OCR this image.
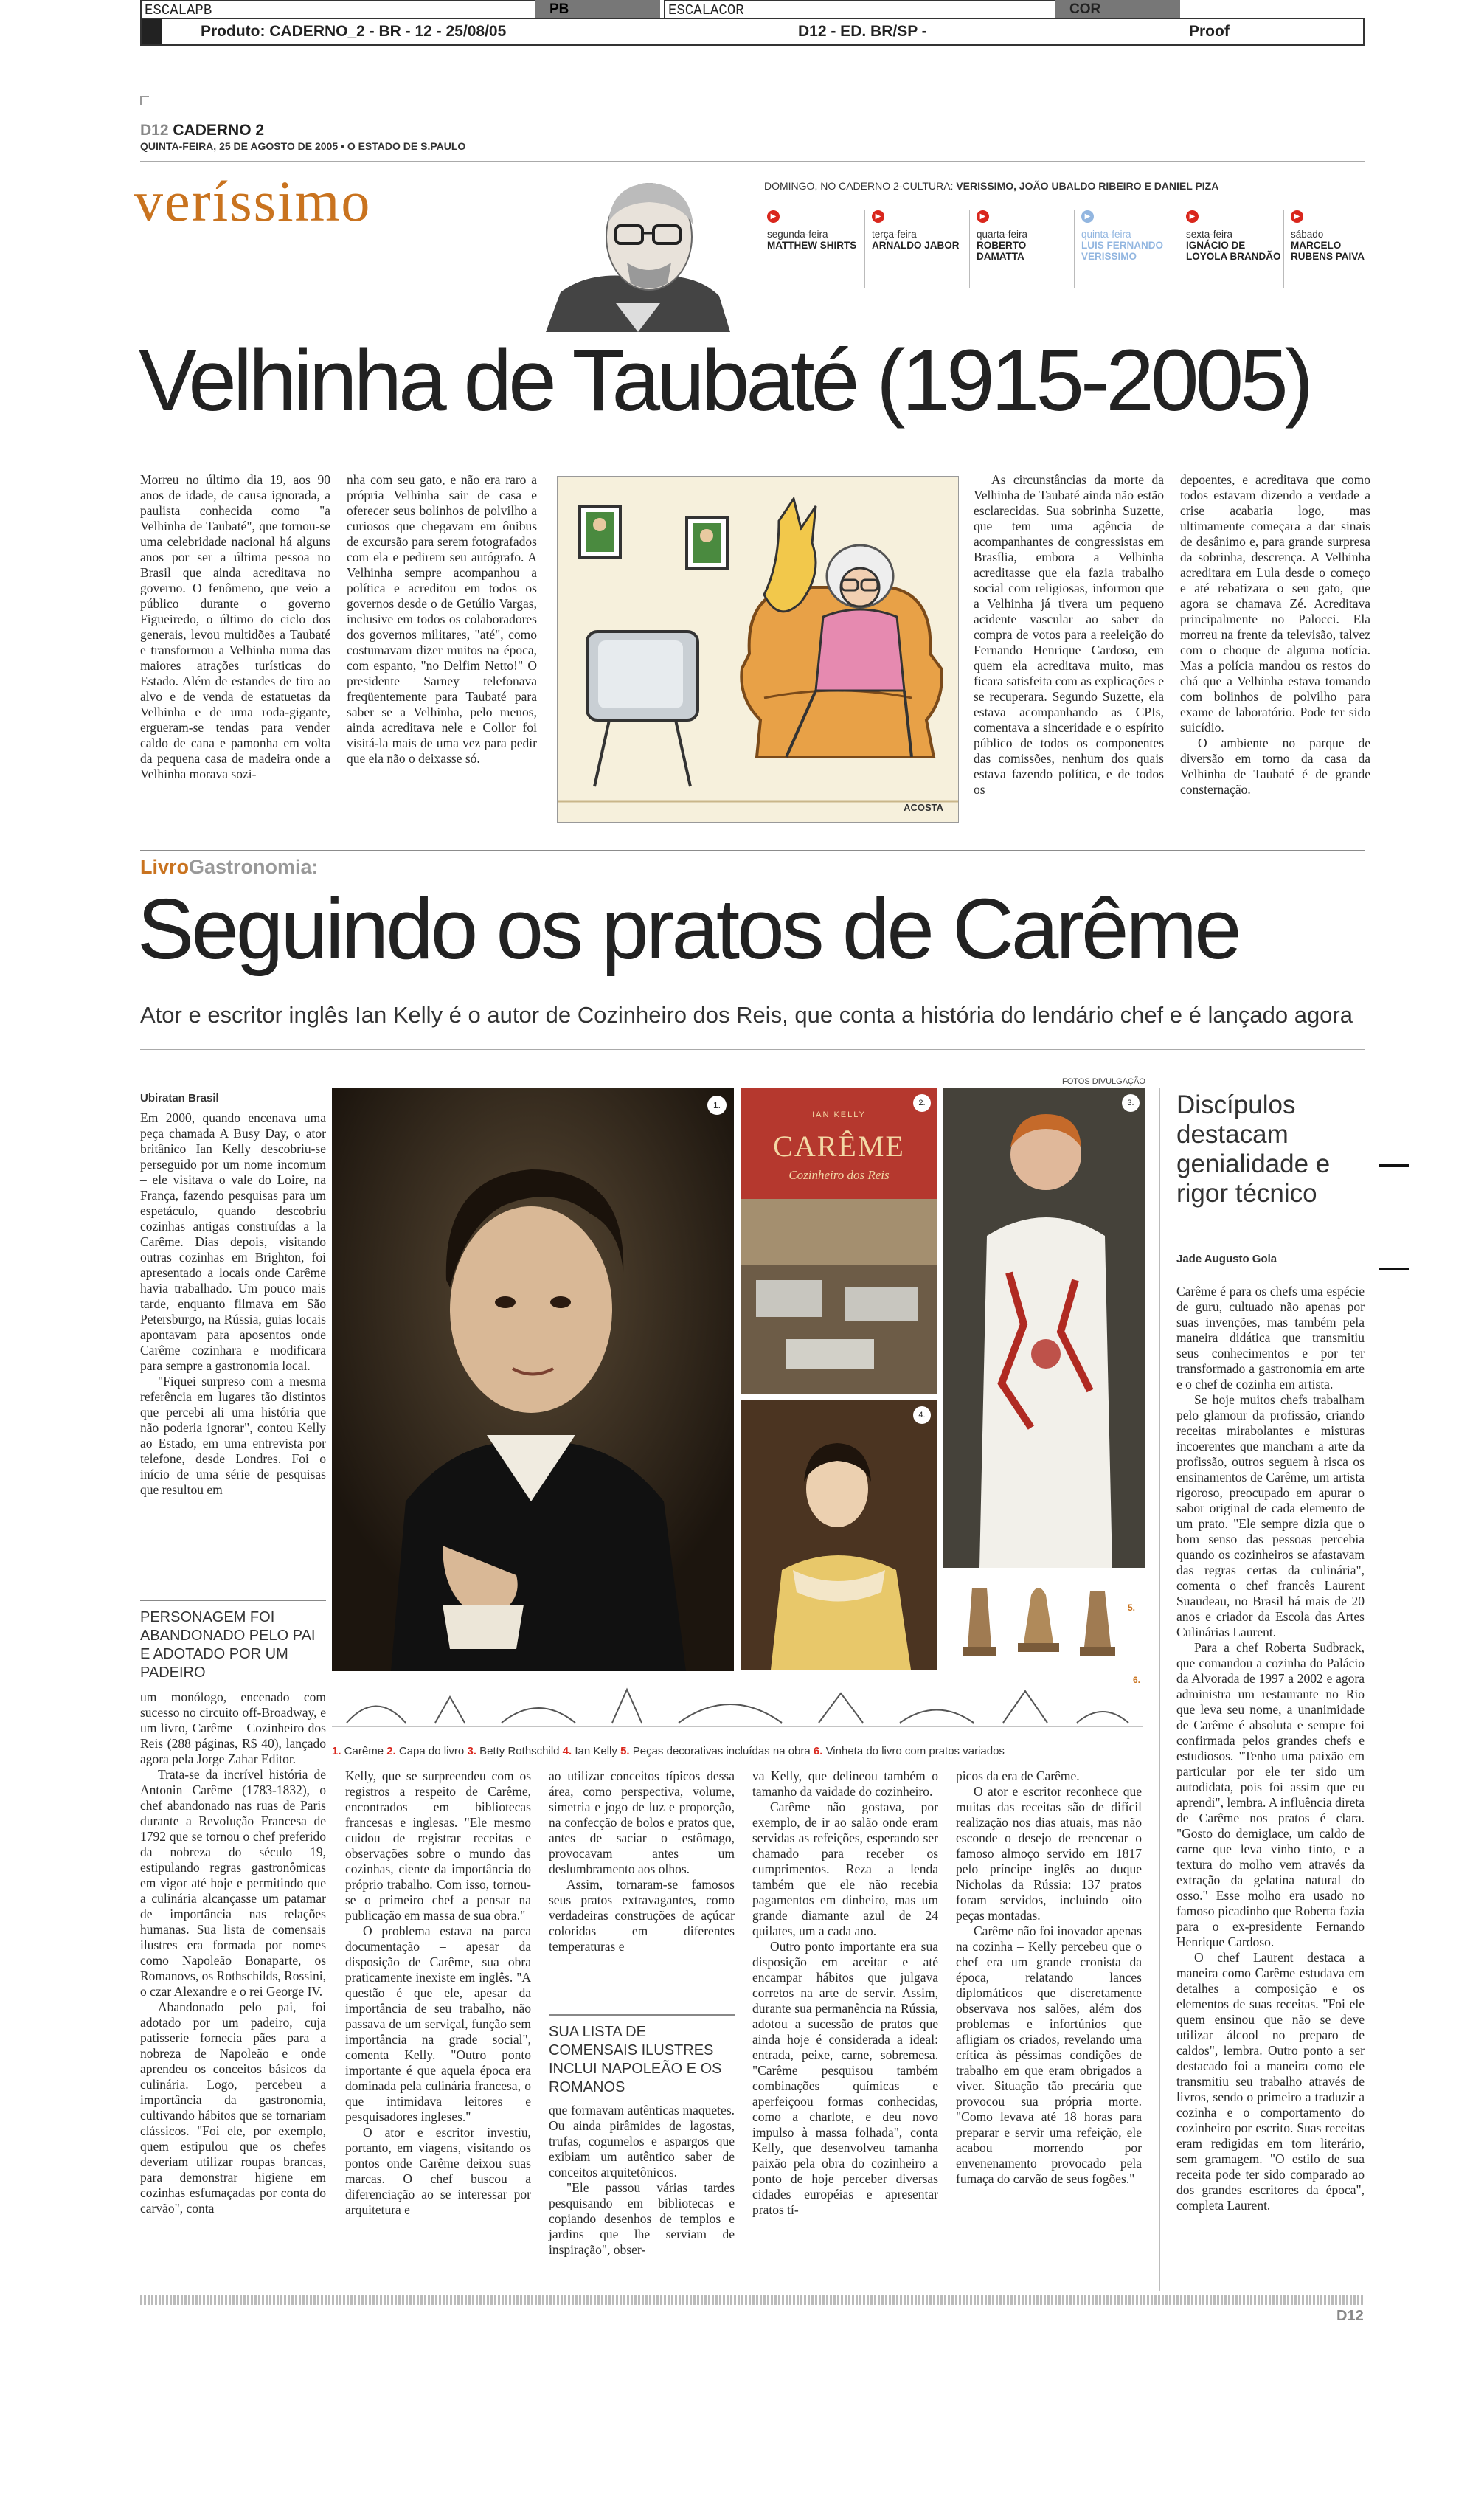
ESCALAPB	PB	ESCALACOR	COR
Produto: CADERNO_2 - BR - 12 - 25/08/05	D12 - ED. BR/SP -	Proof
D12 CADERNO 2
QUINTA-FEIRA, 25 DE AGOSTO DE 2005 • O ESTADO DE S.PAULO
veríssimo	DOMINGO, NO CADERNO 2-CULTURA: VERISSIMO, JOÃO UBALDO RIBEIRO E DANIEL PIZA
▶
segunda-feira
MATTHEW SHIRTS
▶
terça-feira
ARNALDO JABOR
▶
quarta-feira
ROBERTO DAMATTA
▶
quinta-feira
LUIS FERNANDO VERISSIMO
▶
sexta-feira
IGNÁCIO DE LOYOLA BRANDÃO
▶
sábado
MARCELO RUBENS PAIVA
Velhinha de Taubaté (1915-2005)

Morreu no último dia 19, aos 90 anos de idade, de causa ignorada, a paulista conhecida como "a Velhinha de Taubaté", que tornou-se uma celebridade nacional há alguns anos por ser a última pessoa no Brasil que ainda acreditava no governo. O fenômeno, que veio a público durante o governo Figueiredo, o último do ciclo dos generais, levou multidões a Taubaté e transformou a Velhinha numa das maiores atrações turísticas do Estado. Além de estandes de tiro ao alvo e de venda de estatuetas da Velhinha e de uma roda-gigante, ergueram-se tendas para vender caldo de cana e pamonha em volta da pequena casa de madeira onde a Velhinha morava sozi-

nha com seu gato, e não era raro a própria Velhinha sair de casa e oferecer seus bolinhos de polvilho a curiosos que chegavam em ônibus de excursão para serem fotografados com ela e pedirem seu autógrafo. A Velhinha sempre acompanhou a política e acreditou em todos os governos desde o de Getúlio Vargas, inclusive em todos os colaboradores dos governos militares, "até", como costumavam dizer muitos na época, com espanto, "no Delfim Netto!" O presidente Sarney telefonava freqüentemente para Taubaté para saber se a Velhinha, pelo menos, ainda acreditava nele e Collor foi visitá-la mais de uma vez para pedir que ela não o deixasse só.

ACOSTA

As circunstâncias da morte da Velhinha de Taubaté ainda não estão esclarecidas. Sua sobrinha Suzette, que tem uma agência de acompanhantes de congressistas em Brasília, embora a Velhinha acreditasse que ela fazia trabalho social com religiosas, informou que a Velhinha já tivera um pequeno acidente vascular ao saber da compra de votos para a reeleição do Fernando Henrique Cardoso, em quem ela acreditava muito, mas ficara satisfeita com as explicações e se recuperara. Segundo Suzette, ela estava acompanhando as CPIs, comentava a sinceridade e o espírito público de todos os componentes das comissões, nenhum dos quais estava fazendo política, e de todos os

depoentes, e acreditava que como todos estavam dizendo a verdade a crise acabaria logo, mas ultimamente começara a dar sinais de desânimo e, para grande surpresa da sobrinha, descrença. A Velhinha acreditara em Lula desde o começo e até rebatizara o seu gato, que agora se chamava Zé. Acreditava principalmente no Palocci. Ela morreu na frente da televisão, talvez com o choque de alguma notícia. Mas a polícia mandou os restos do chá que a Velhinha estava tomando com bolinhos de polvilho para exame de laboratório. Pode ter sido suicídio.

O ambiente no parque de diversão em torno da casa da Velhinha de Taubaté é de grande consternação.

LivroGastronomia:
Seguindo os pratos de Carême
Ator e escritor inglês Ian Kelly é o autor de Cozinheiro dos Reis, que conta a história do lendário chef e é lançado agora
Ubiratan Brasil
FOTOS DIVULGAÇÃO
1.
IAN KELLY
CARÊME
Cozinheiro dos Reis
2.	3.
4.
5.
6.
1. Carême 2. Capa do livro 3. Betty Rothschild 4. Ian Kelly 5. Peças decorativas incluídas na obra 6. Vinheta do livro com pratos variados

Em 2000, quando encenava uma peça chamada A Busy Day, o ator britânico Ian Kelly descobriu-se perseguido por um nome incomum – ele visitava o vale do Loire, na França, fazendo pesquisas para um espetáculo, quando descobriu cozinhas antigas construídas a la Carême. Dias depois, visitando outras cozinhas em Brighton, foi apresentado a locais onde Carême havia trabalhado. Um pouco mais tarde, enquanto filmava em São Petersburgo, na Rússia, guias locais apontavam para aposentos onde Carême cozinhara e modificara para sempre a gastronomia local.

"Fiquei surpreso com a mesma referência em lugares tão distintos que percebi ali uma história que não poderia ignorar", contou Kelly ao Estado, em uma entrevista por telefone, desde Londres. Foi o início de uma série de pesquisas que resultou em

PERSONAGEM FOI ABANDONADO PELO PAI E ADOTADO POR UM PADEIRO

um monólogo, encenado com sucesso no circuito off-Broadway, e um livro, Carême – Cozinheiro dos Reis (288 páginas, R$ 40), lançado agora pela Jorge Zahar Editor.

Trata-se da incrível história de Antonin Carême (1783-1832), o chef abandonado nas ruas de Paris durante a Revolução Francesa de 1792 que se tornou o chef preferido da nobreza do século 19, estipulando regras gastronômicas em vigor até hoje e permitindo que a culinária alcançasse um patamar de importância nas relações humanas. Sua lista de comensais ilustres era formada por nomes como Napoleão Bonaparte, os Romanovs, os Rothschilds, Rossini, o czar Alexandre e o rei George IV.

Abandonado pelo pai, foi adotado por um padeiro, cuja patisserie fornecia pães para a nobreza de Napoleão e onde aprendeu os conceitos básicos da culinária. Logo, percebeu a importância da gastronomia, cultivando hábitos que se tornariam clássicos. "Foi ele, por exemplo, quem estipulou que os chefes deveriam utilizar roupas brancas, para demonstrar higiene em cozinhas esfumaçadas por conta do carvão", conta

Kelly, que se surpreendeu com os registros a respeito de Carême, encontrados em bibliotecas francesas e inglesas. "Ele mesmo cuidou de registrar receitas e observações sobre o mundo das cozinhas, ciente da importância do próprio trabalho. Com isso, tornou-se o primeiro chef a pensar na publicação em massa de sua obra."

O problema estava na parca documentação – apesar da disposição de Carême, sua obra praticamente inexiste em inglês. "A questão é que ele, apesar da importância de seu trabalho, não passava de um serviçal, função sem importância na grade social", comenta Kelly. "Outro ponto importante é que aquela época era dominada pela culinária francesa, o que intimidava leitores e pesquisadores ingleses."

O ator e escritor investiu, portanto, em viagens, visitando os pontos onde Carême deixou suas marcas. O chef buscou a diferenciação ao se interessar por arquitetura e

ao utilizar conceitos típicos dessa área, como perspectiva, volume, simetria e jogo de luz e proporção, na confecção de bolos e pratos que, antes de saciar o estômago, provocavam antes um deslumbramento aos olhos.

Assim, tornaram-se famosos seus pratos extravagantes, como verdadeiras construções de açúcar coloridas em diferentes temperaturas e

SUA LISTA DE COMENSAIS ILUSTRES INCLUI NAPOLEÃO E OS ROMANOS

que formavam autênticas maquetes. Ou ainda pirâmides de lagostas, trufas, cogumelos e aspargos que exibiam um autêntico saber de conceitos arquitetônicos.

"Ele passou várias tardes pesquisando em bibliotecas e copiando desenhos de templos e jardins que lhe serviam de inspiração", obser-

va Kelly, que delineou também o tamanho da vaidade do cozinheiro.

Carême não gostava, por exemplo, de ir ao salão onde eram servidas as refeições, esperando ser chamado para receber os cumprimentos. Reza a lenda também que ele não recebia pagamentos em dinheiro, mas um grande diamante azul de 24 quilates, um a cada ano.

Outro ponto importante era sua disposição em aceitar e até encampar hábitos que julgava corretos na arte de servir. Assim, durante sua permanência na Rússia, adotou a sucessão de pratos que ainda hoje é considerada a ideal: entrada, peixe, carne, sobremesa. "Carême pesquisou também combinações químicas e aperfeiçoou formas conhecidas, como a charlote, e deu novo impulso à massa folhada", conta Kelly, que desenvolveu tamanha paixão pela obra do cozinheiro a ponto de hoje perceber diversas cidades européias e apresentar pratos tí-

picos da era de Carême.

O ator e escritor reconhece que muitas das receitas são de difícil realização nos dias atuais, mas não esconde o desejo de reencenar o famoso almoço servido em 1817 pelo príncipe inglês ao duque Nicholas da Rússia: 137 pratos foram servidos, incluindo oito peças montadas.

Carême não foi inovador apenas na cozinha – Kelly percebeu que o chef era um grande cronista da época, relatando lances diplomáticos que discretamente observava nos salões, além dos problemas e infortúnios que afligiam os criados, revelando uma crítica às péssimas condições de trabalho em que eram obrigados a viver. Situação tão precária que provocou sua própria morte. "Como levava até 18 horas para preparar e servir uma refeição, ele acabou morrendo por envenenamento provocado pela fumaça do carvão de seus fogões."

Discípulos destacam genialidade e rigor técnico
Jade Augusto Gola

Carême é para os chefs uma espécie de guru, cultuado não apenas por suas invenções, mas também pela maneira didática que transmitiu seus conhecimentos e por ter transformado a gastronomia em arte e o chef de cozinha em artista.

Se hoje muitos chefs trabalham pelo glamour da profissão, criando receitas mirabolantes e misturas incoerentes que mancham a arte da profissão, outros seguem à risca os ensinamentos de Carême, um artista rigoroso, preocupado em apurar o sabor original de cada elemento de um prato. "Ele sempre dizia que o bom senso das pessoas percebia quando os cozinheiros se afastavam das regras certas da culinária", comenta o chef francês Laurent Suaudeau, no Brasil há mais de 20 anos e criador da Escola das Artes Culinárias Laurent.

Para a chef Roberta Sudbrack, que comandou a cozinha do Palácio da Alvorada de 1997 a 2002 e agora administra um restaurante no Rio que leva seu nome, a unanimidade de Carême é absoluta e sempre foi confirmada pelos grandes chefs e estudiosos. "Tenho uma paixão em particular por ele ter sido um autodidata, pois foi assim que eu aprendi", lembra. A influência direta de Carême nos pratos é clara. "Gosto do demiglace, um caldo de carne que leva vinho tinto, e a textura do molho vem através da extração da gelatina natural do osso." Esse molho era usado no famoso picadinho que Roberta fazia para o ex-presidente Fernando Henrique Cardoso.

O chef Laurent destaca a maneira como Carême estudava em detalhes a composição e os elementos de suas receitas. "Foi ele quem ensinou que não se deve utilizar álcool no preparo de caldos", lembra. Outro ponto a ser destacado foi a maneira como ele transmitiu seu trabalho através de livros, sendo o primeiro a traduzir a cozinha e o comportamento do cozinheiro por escrito. Suas receitas eram redigidas em tom literário, sem gramagem. "O estilo de sua receita pode ter sido comparado ao dos grandes escritores da época", completa Laurent.

D12
